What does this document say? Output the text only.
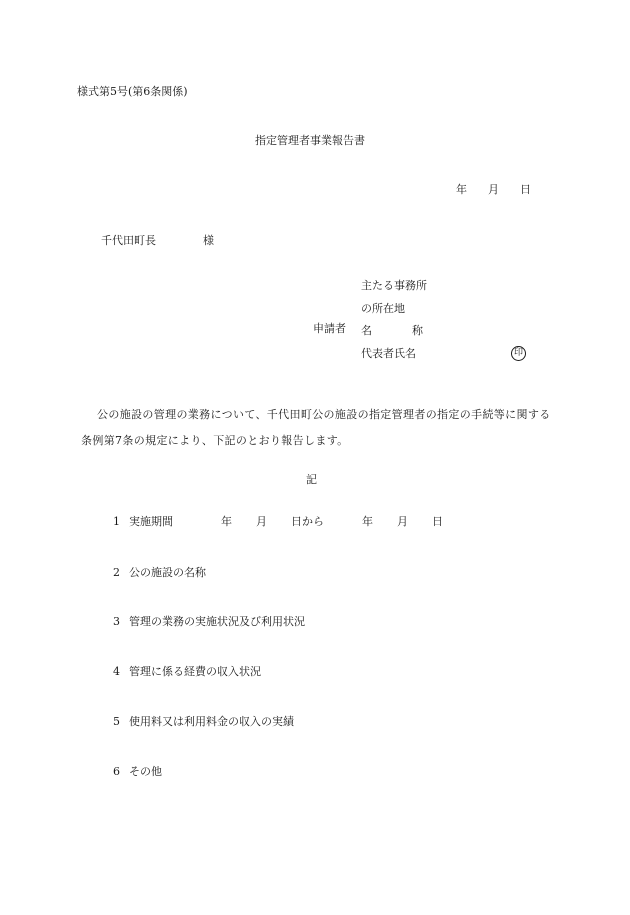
様式第5号(第6条関係)
指定管理者事業報告書
年 月 日
千代田町長	様
申請者
主たる事務所
の所在地
名	称
代表者氏名	印

公の施設の管理の業務について、千代田町公の施設の指定管理者の指定の手続等に関する条例第7条の規定により、下記のとおり報告します。

記
1 実施期間	年 月 日から	年 月 日
2 公の施設の名称
3 管理の業務の実施状況及び利用状況
4 管理に係る経費の収入状況
5 使用料又は利用料金の収入の実績
6 その他
